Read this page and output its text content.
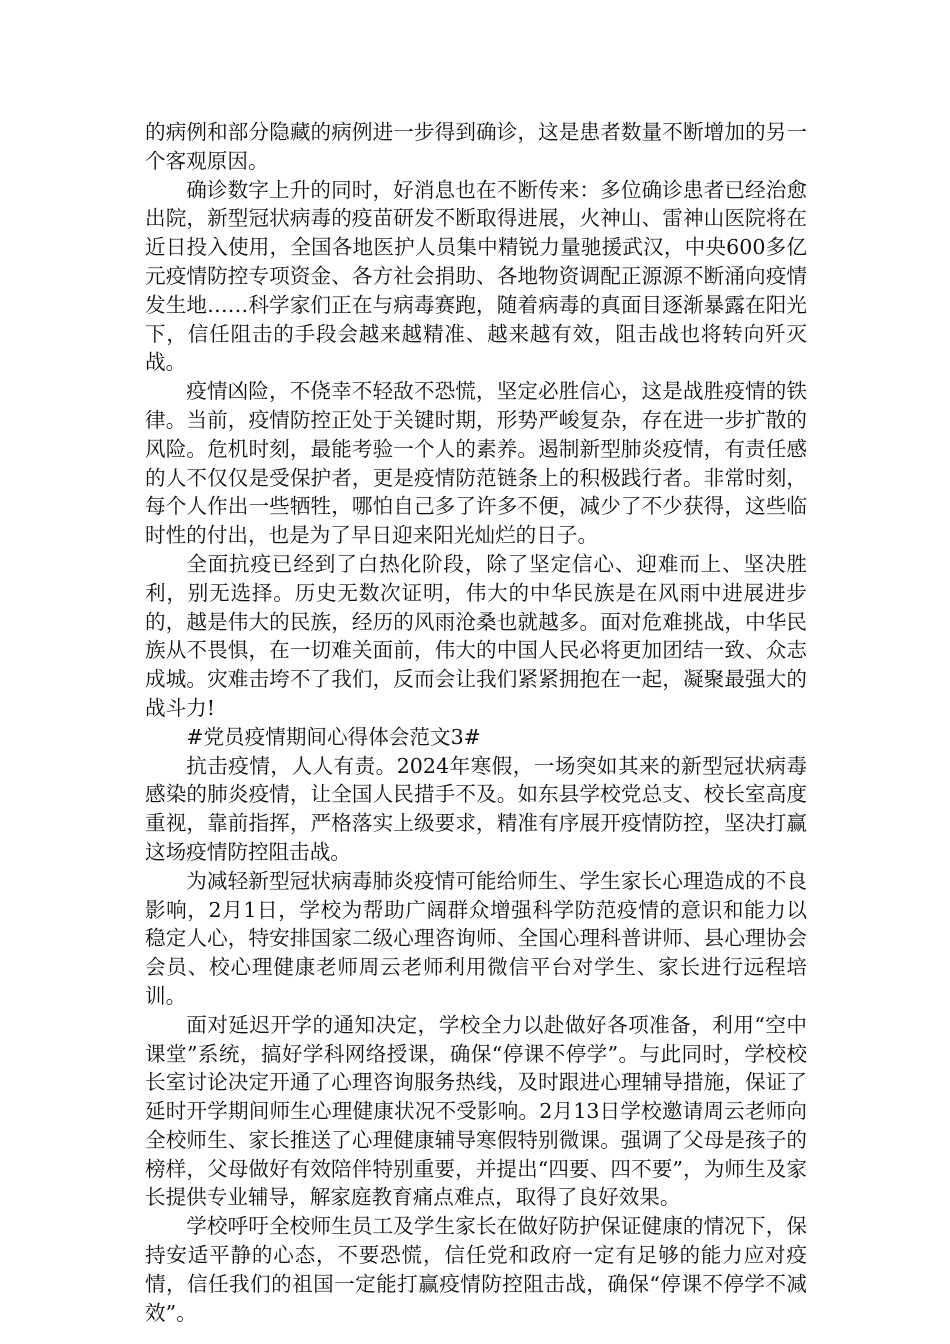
的病例和部分隐藏的病例进一步得到确诊，这是患者数量不断增加的另一个客观原因。

确诊数字上升的同时，好消息也在不断传来：多位确诊患者已经治愈出院，新型冠状病毒的疫苗研发不断取得进展，火神山、雷神山医院将在近日投入使用，全国各地医护人员集中精锐力量驰援武汉，中央600多亿元疫情防控专项资金、各方社会捐助、各地物资调配正源源不断涌向疫情发生地……科学家们正在与病毒赛跑，随着病毒的真面目逐渐暴露在阳光下，信任阻击的手段会越来越精准、越来越有效，阻击战也将转向歼灭战。

疫情凶险，不侥幸不轻敌不恐慌，坚定必胜信心，这是战胜疫情的铁律。当前，疫情防控正处于关键时期，形势严峻复杂，存在进一步扩散的风险。危机时刻，最能考验一个人的素养。遏制新型肺炎疫情，有责任感的人不仅仅是受保护者，更是疫情防范链条上的积极践行者。非常时刻，每个人作出一些牺牲，哪怕自己多了许多不便，减少了不少获得，这些临时性的付出，也是为了早日迎来阳光灿烂的日子。

全面抗疫已经到了白热化阶段，除了坚定信心、迎难而上、坚决胜利，别无选择。历史无数次证明，伟大的中华民族是在风雨中进展进步的，越是伟大的民族，经历的风雨沧桑也就越多。面对危难挑战，中华民族从不畏惧，在一切难关面前，伟大的中国人民必将更加团结一致、众志成城。灾难击垮不了我们，反而会让我们紧紧拥抱在一起，凝聚最强大的战斗力!

#党员疫情期间心得体会范文3#

抗击疫情，人人有责。2024年寒假，一场突如其来的新型冠状病毒感染的肺炎疫情，让全国人民措手不及。如东县学校党总支、校长室高度重视，靠前指挥，严格落实上级要求，精准有序展开疫情防控，坚决打赢这场疫情防控阻击战。

为减轻新型冠状病毒肺炎疫情可能给师生、学生家长心理造成的不良影响，2月1日，学校为帮助广阔群众增强科学防范疫情的意识和能力以稳定人心，特安排国家二级心理咨询师、全国心理科普讲师、县心理协会会员、校心理健康老师周云老师利用微信平台对学生、家长进行远程培训。

面对延迟开学的通知决定，学校全力以赴做好各项准备，利用“空中课堂”系统，搞好学科网络授课，确保“停课不停学”。与此同时，学校校长室讨论决定开通了心理咨询服务热线，及时跟进心理辅导措施，保证了延时开学期间师生心理健康状况不受影响。2月13日学校邀请周云老师向全校师生、家长推送了心理健康辅导寒假特别微课。强调了父母是孩子的榜样，父母做好有效陪伴特别重要，并提出“四要、四不要”，为师生及家长提供专业辅导，解家庭教育痛点难点，取得了良好效果。

学校呼吁全校师生员工及学生家长在做好防护保证健康的情况下，保持安适平静的心态，不要恐慌，信任党和政府一定有足够的能力应对疫情，信任我们的祖国一定能打赢疫情防控阻击战，确保“停课不停学不减效”。
